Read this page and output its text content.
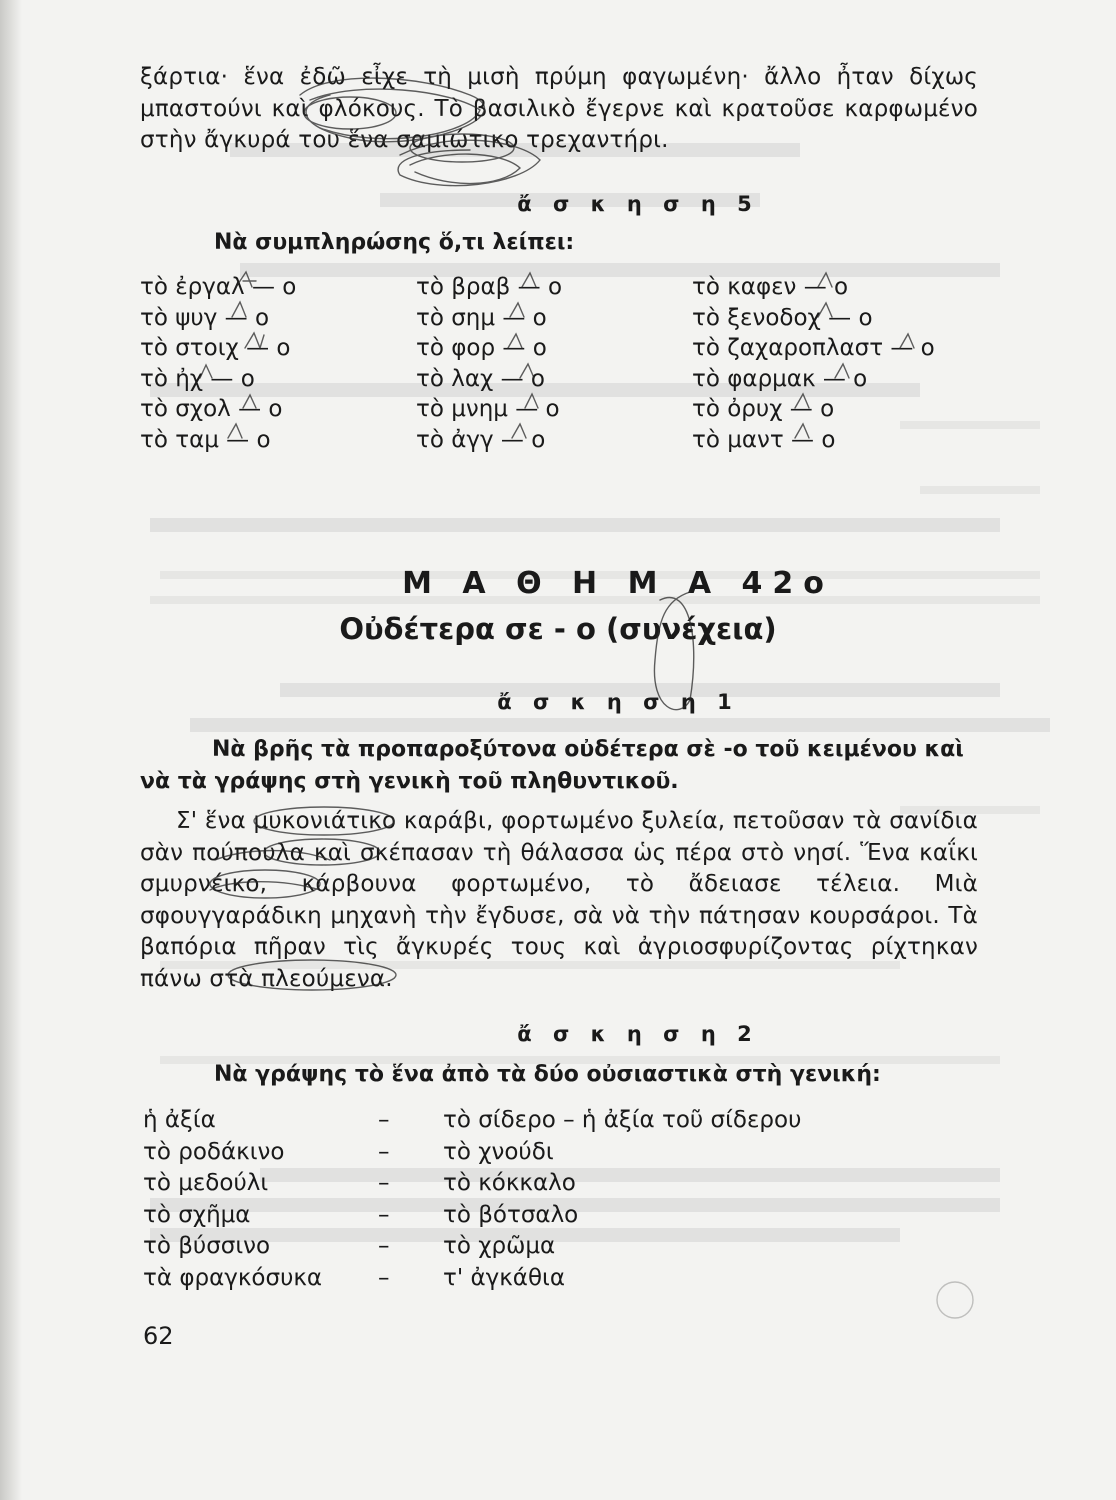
ξάρτια· ἕνα ἐδῶ εἶχε τὴ μισὴ πρύμη φαγωμένη· ἄλλο ἦταν δίχως μπαστούνι καὶ φλόκους. Τὸ βασιλικὸ ἔγερνε καὶ κρατοῦσε καρφωμένο στὴν ἄγκυρά του ἕνα σαμιώτικο τρεχαντήρι.
ἄ σ κ η σ η 5
Νὰ συμπληρώσης ὅ,τι λείπει:
τὸ ἐργαλ — ο
τὸ ψυγ — ο
τὸ στοιχ — ο
τὸ ἠχ — ο
τὸ σχολ — ο
τὸ ταμ — ο
τὸ βραβ — ο
τὸ σημ — ο
τὸ φορ — ο
τὸ λαχ — ο
τὸ μνημ — ο
τὸ ἀγγ — ο
τὸ καφεν — ο
τὸ ξενοδοχ — ο
τὸ ζαχαροπλαστ — ο
τὸ φαρμακ — ο
τὸ ὀρυχ — ο
τὸ μαντ — ο
Μ Α Θ Η Μ Α 42ο
Οὐδέτερα σε - ο (συνέχεια)
ἄ σ κ η σ η 1
Νὰ βρῆς τὰ προπαροξύτονα οὐδέτερα σὲ -ο τοῦ κειμένου καὶ νὰ τὰ γράψης στὴ γενικὴ τοῦ πληθυντικοῦ.
Σ' ἕνα μυκονιάτικο καράβι, φορτωμένο ξυλεία, πετοῦσαν τὰ σανίδια σὰν πούπουλα καὶ σκέπασαν τὴ θάλασσα ὡς πέρα στὸ νησί. Ἕνα καΐκι σμυρνέικο, κάρβουνα φορτωμένο, τὸ ἄδειασε τέλεια. Μιὰ σφουγγαράδικη μηχανὴ τὴν ἔγδυσε, σὰ νὰ τὴν πάτησαν κουρσάροι. Τὰ βαπόρια πῆραν τὶς ἄγκυρές τους καὶ ἀγριοσφυρίζοντας ρίχτηκαν πάνω στὰ πλεούμενα.
ἄ σ κ η σ η 2
Νὰ γράψης τὸ ἕνα ἀπὸ τὰ δύο οὐσιαστικὰ στὴ γενική:
ἡ ἀξία
τὸ ροδάκινο
τὸ μεδούλι
τὸ σχῆμα
τὸ βύσσινο
τὰ φραγκόσυκα
–
–
–
–
–
–
τὸ σίδερο – ἡ ἀξία τοῦ σίδερου
τὸ χνούδι
τὸ κόκκαλο
τὸ βότσαλο
τὸ χρῶμα
τ' ἀγκάθια
62
